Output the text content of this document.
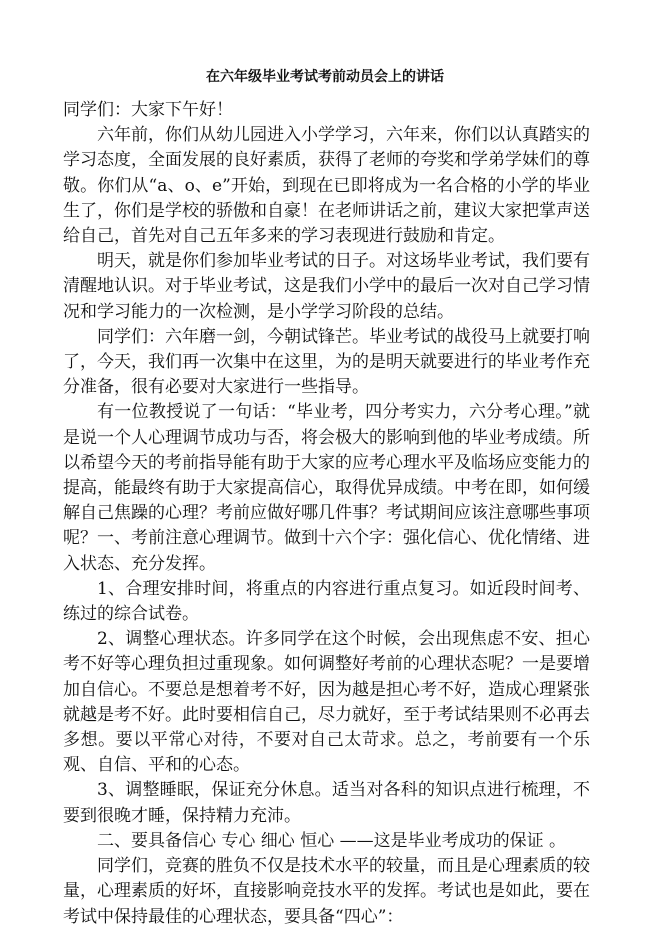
在六年级毕业考试考前动员会上的讲话

同学们：大家下午好！

六年前，你们从幼儿园进入小学学习，六年来，你们以认真踏实的学习态度，全面发展的良好素质，获得了老师的夸奖和学弟学妹们的尊敬。你们从“a、o、e”开始，到现在已即将成为一名合格的小学的毕业生了，你们是学校的骄傲和自豪！在老师讲话之前，建议大家把掌声送给自己，首先对自己五年多来的学习表现进行鼓励和肯定。

明天，就是你们参加毕业考试的日子。对这场毕业考试，我们要有清醒地认识。对于毕业考试，这是我们小学中的最后一次对自己学习情况和学习能力的一次检测，是小学学习阶段的总结。

同学们：六年磨一剑，今朝试锋芒。毕业考试的战役马上就要打响了，今天，我们再一次集中在这里，为的是明天就要进行的毕业考作充分准备，很有必要对大家进行一些指导。

有一位教授说了一句话：“毕业考，四分考实力，六分考心理。”就是说一个人心理调节成功与否，将会极大的影响到他的毕业考成绩。所以希望今天的考前指导能有助于大家的应考心理水平及临场应变能力的提高，能最终有助于大家提高信心，取得优异成绩。中考在即，如何缓解自己焦躁的心理？考前应做好哪几件事？考试期间应该注意哪些事项呢？一、考前注意心理调节。做到十六个字：强化信心、优化情绪、进入状态、充分发挥。

1、合理安排时间，将重点的内容进行重点复习。如近段时间考、练过的综合试卷。

2、调整心理状态。许多同学在这个时候，会出现焦虑不安、担心考不好等心理负担过重现象。如何调整好考前的心理状态呢？一是要增加自信心。不要总是想着考不好，因为越是担心考不好，造成心理紧张就越是考不好。此时要相信自己，尽力就好，至于考试结果则不必再去多想。要以平常心对待，不要对自己太苛求。总之，考前要有一个乐观、自信、平和的心态。

3、调整睡眠，保证充分休息。适当对各科的知识点进行梳理，不要到很晚才睡，保持精力充沛。

二、要具备信心 专心 细心 恒心 ——这是毕业考成功的保证 。

同学们，竞赛的胜负不仅是技术水平的较量，而且是心理素质的较量，心理素质的好坏，直接影响竞技水平的发挥。考试也是如此，要在考试中保持最佳的心理状态，要具备“四心”：
